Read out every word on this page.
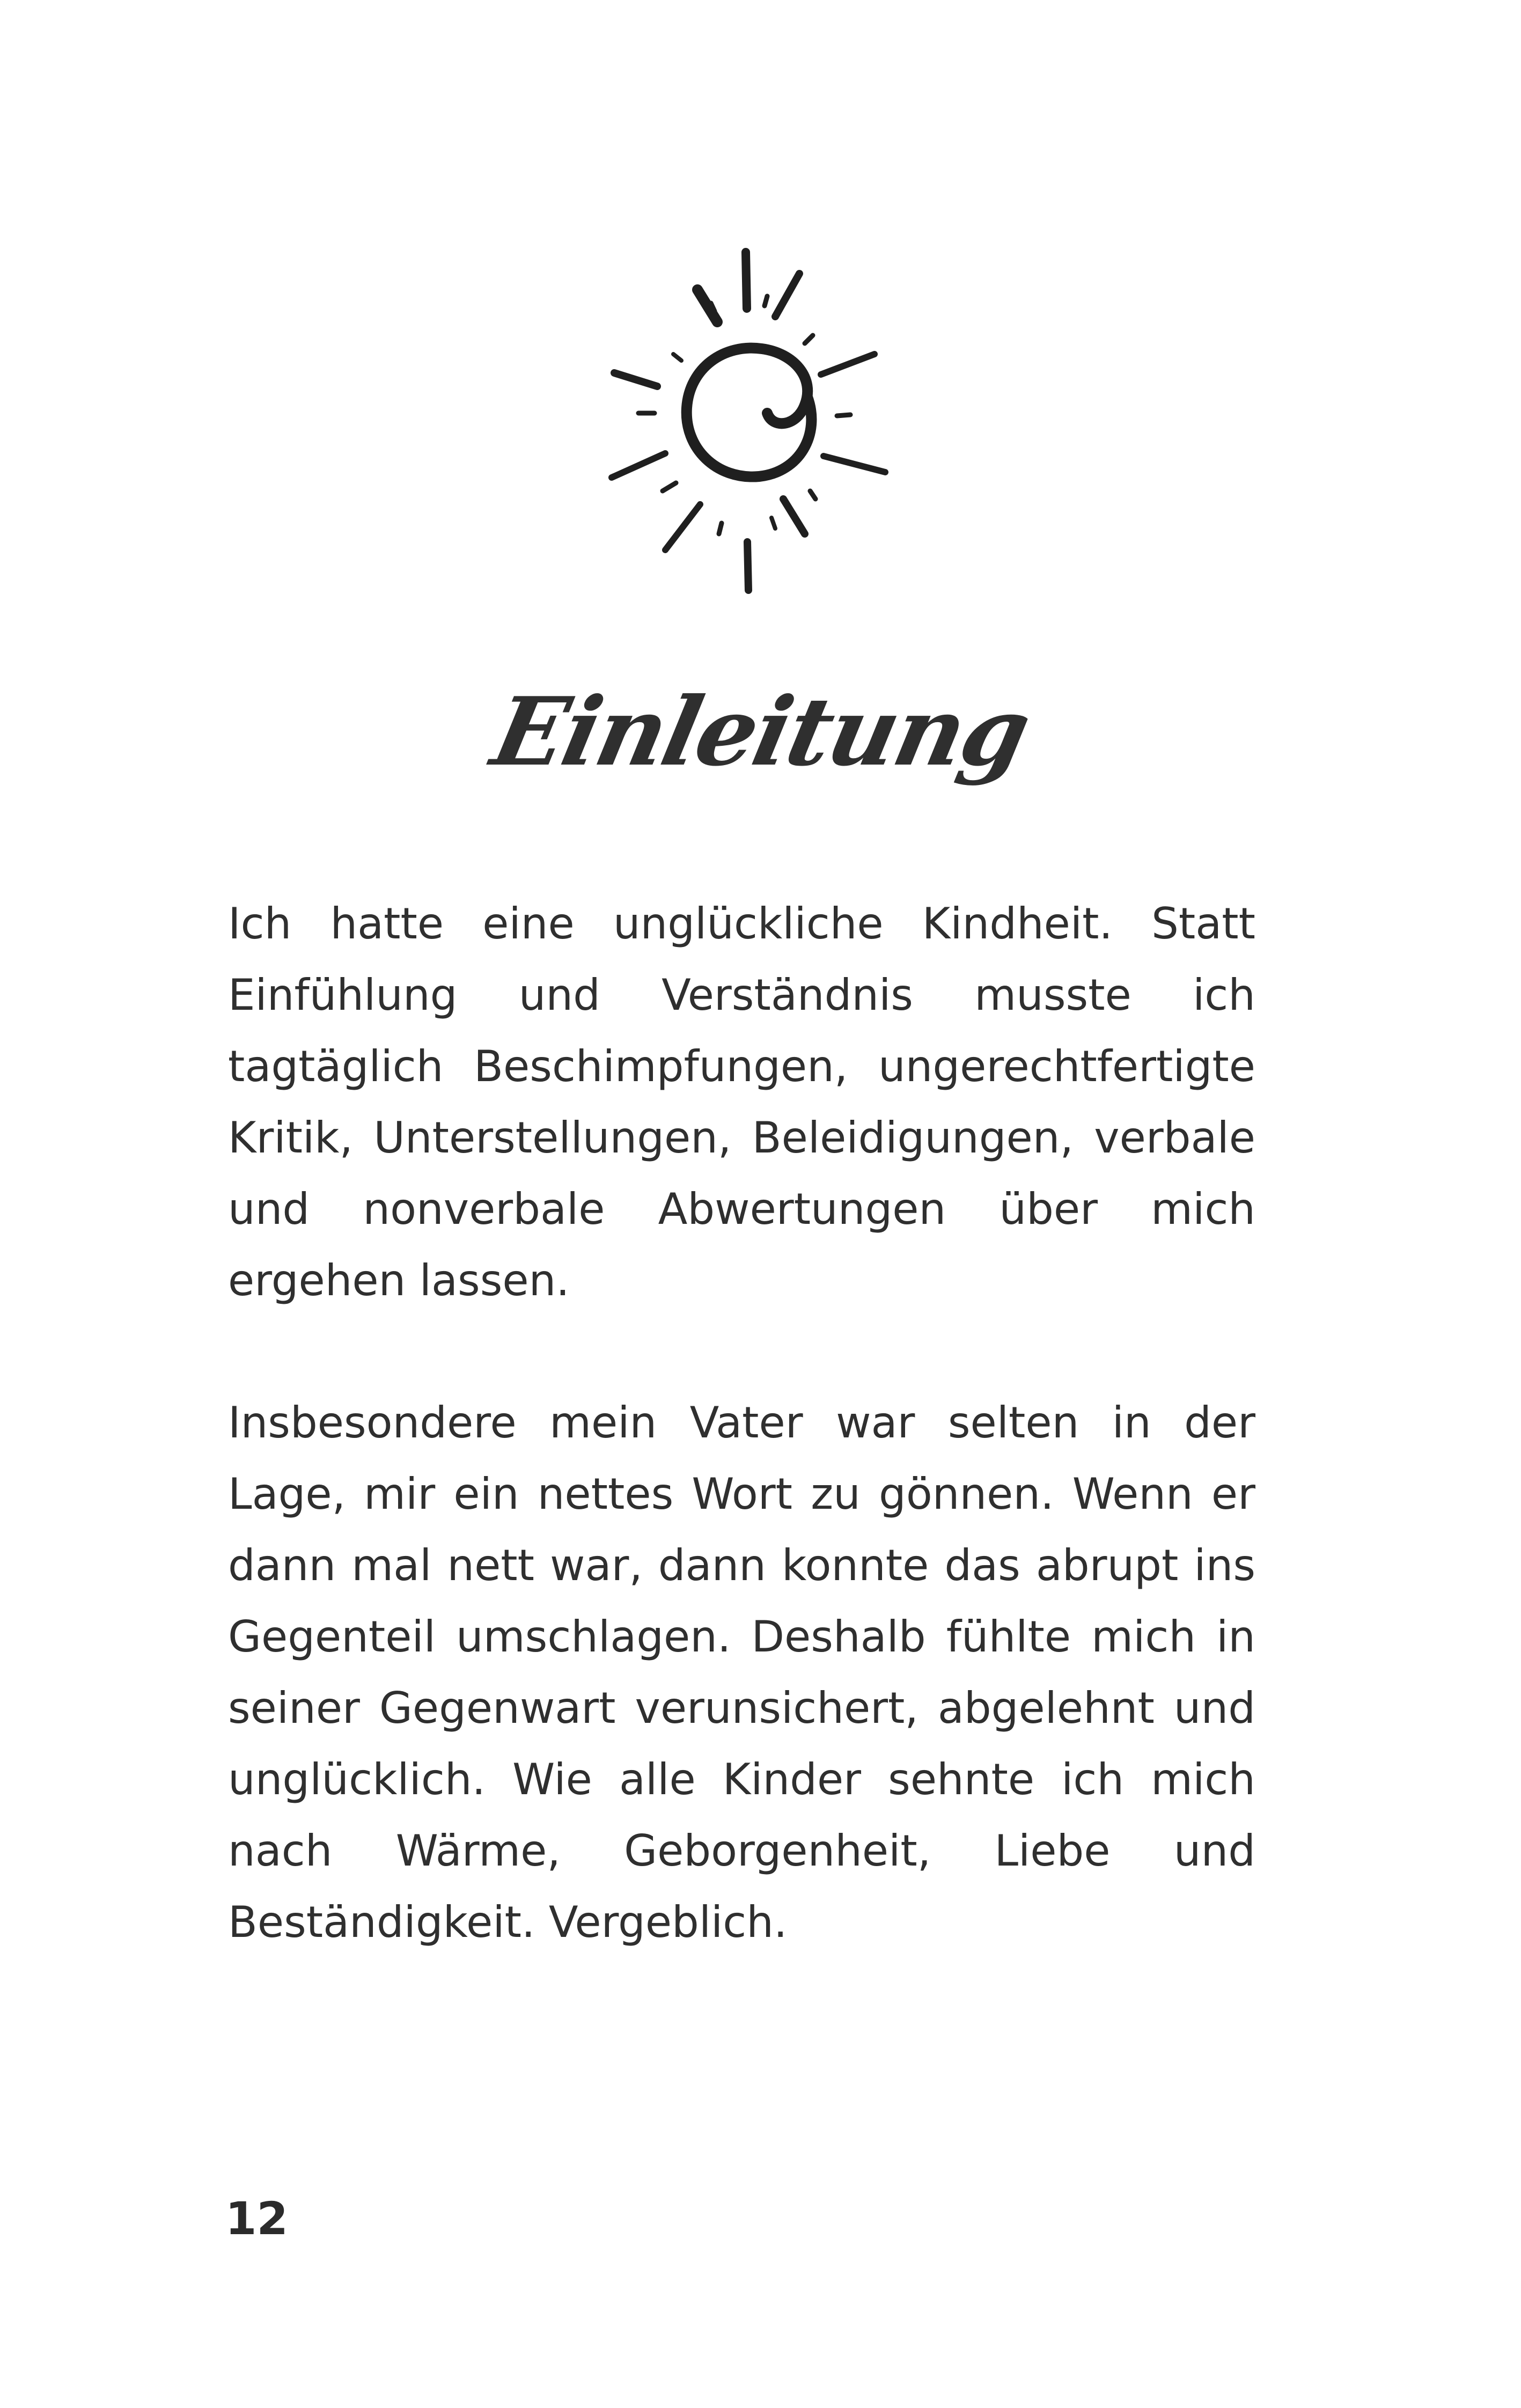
Einleitung

Ich hatte eine unglückliche Kindheit. Statt Einfühlung und Verständnis musste ich tagtäglich Beschimpfungen, ungerechtfertigte Kritik, Unterstellungen, Beleidigungen, verbale und nonverbale Abwertungen über mich ergehen lassen.

Insbesondere mein Vater war selten in der Lage, mir ein nettes Wort zu gönnen. Wenn er dann mal nett war, dann konnte das abrupt ins Gegenteil umschlagen. Deshalb fühlte mich in seiner Gegenwart verunsichert, abgelehnt und unglücklich. Wie alle Kinder sehnte ich mich nach Wärme, Geborgenheit, Liebe und Beständigkeit. Vergeblich.

12
